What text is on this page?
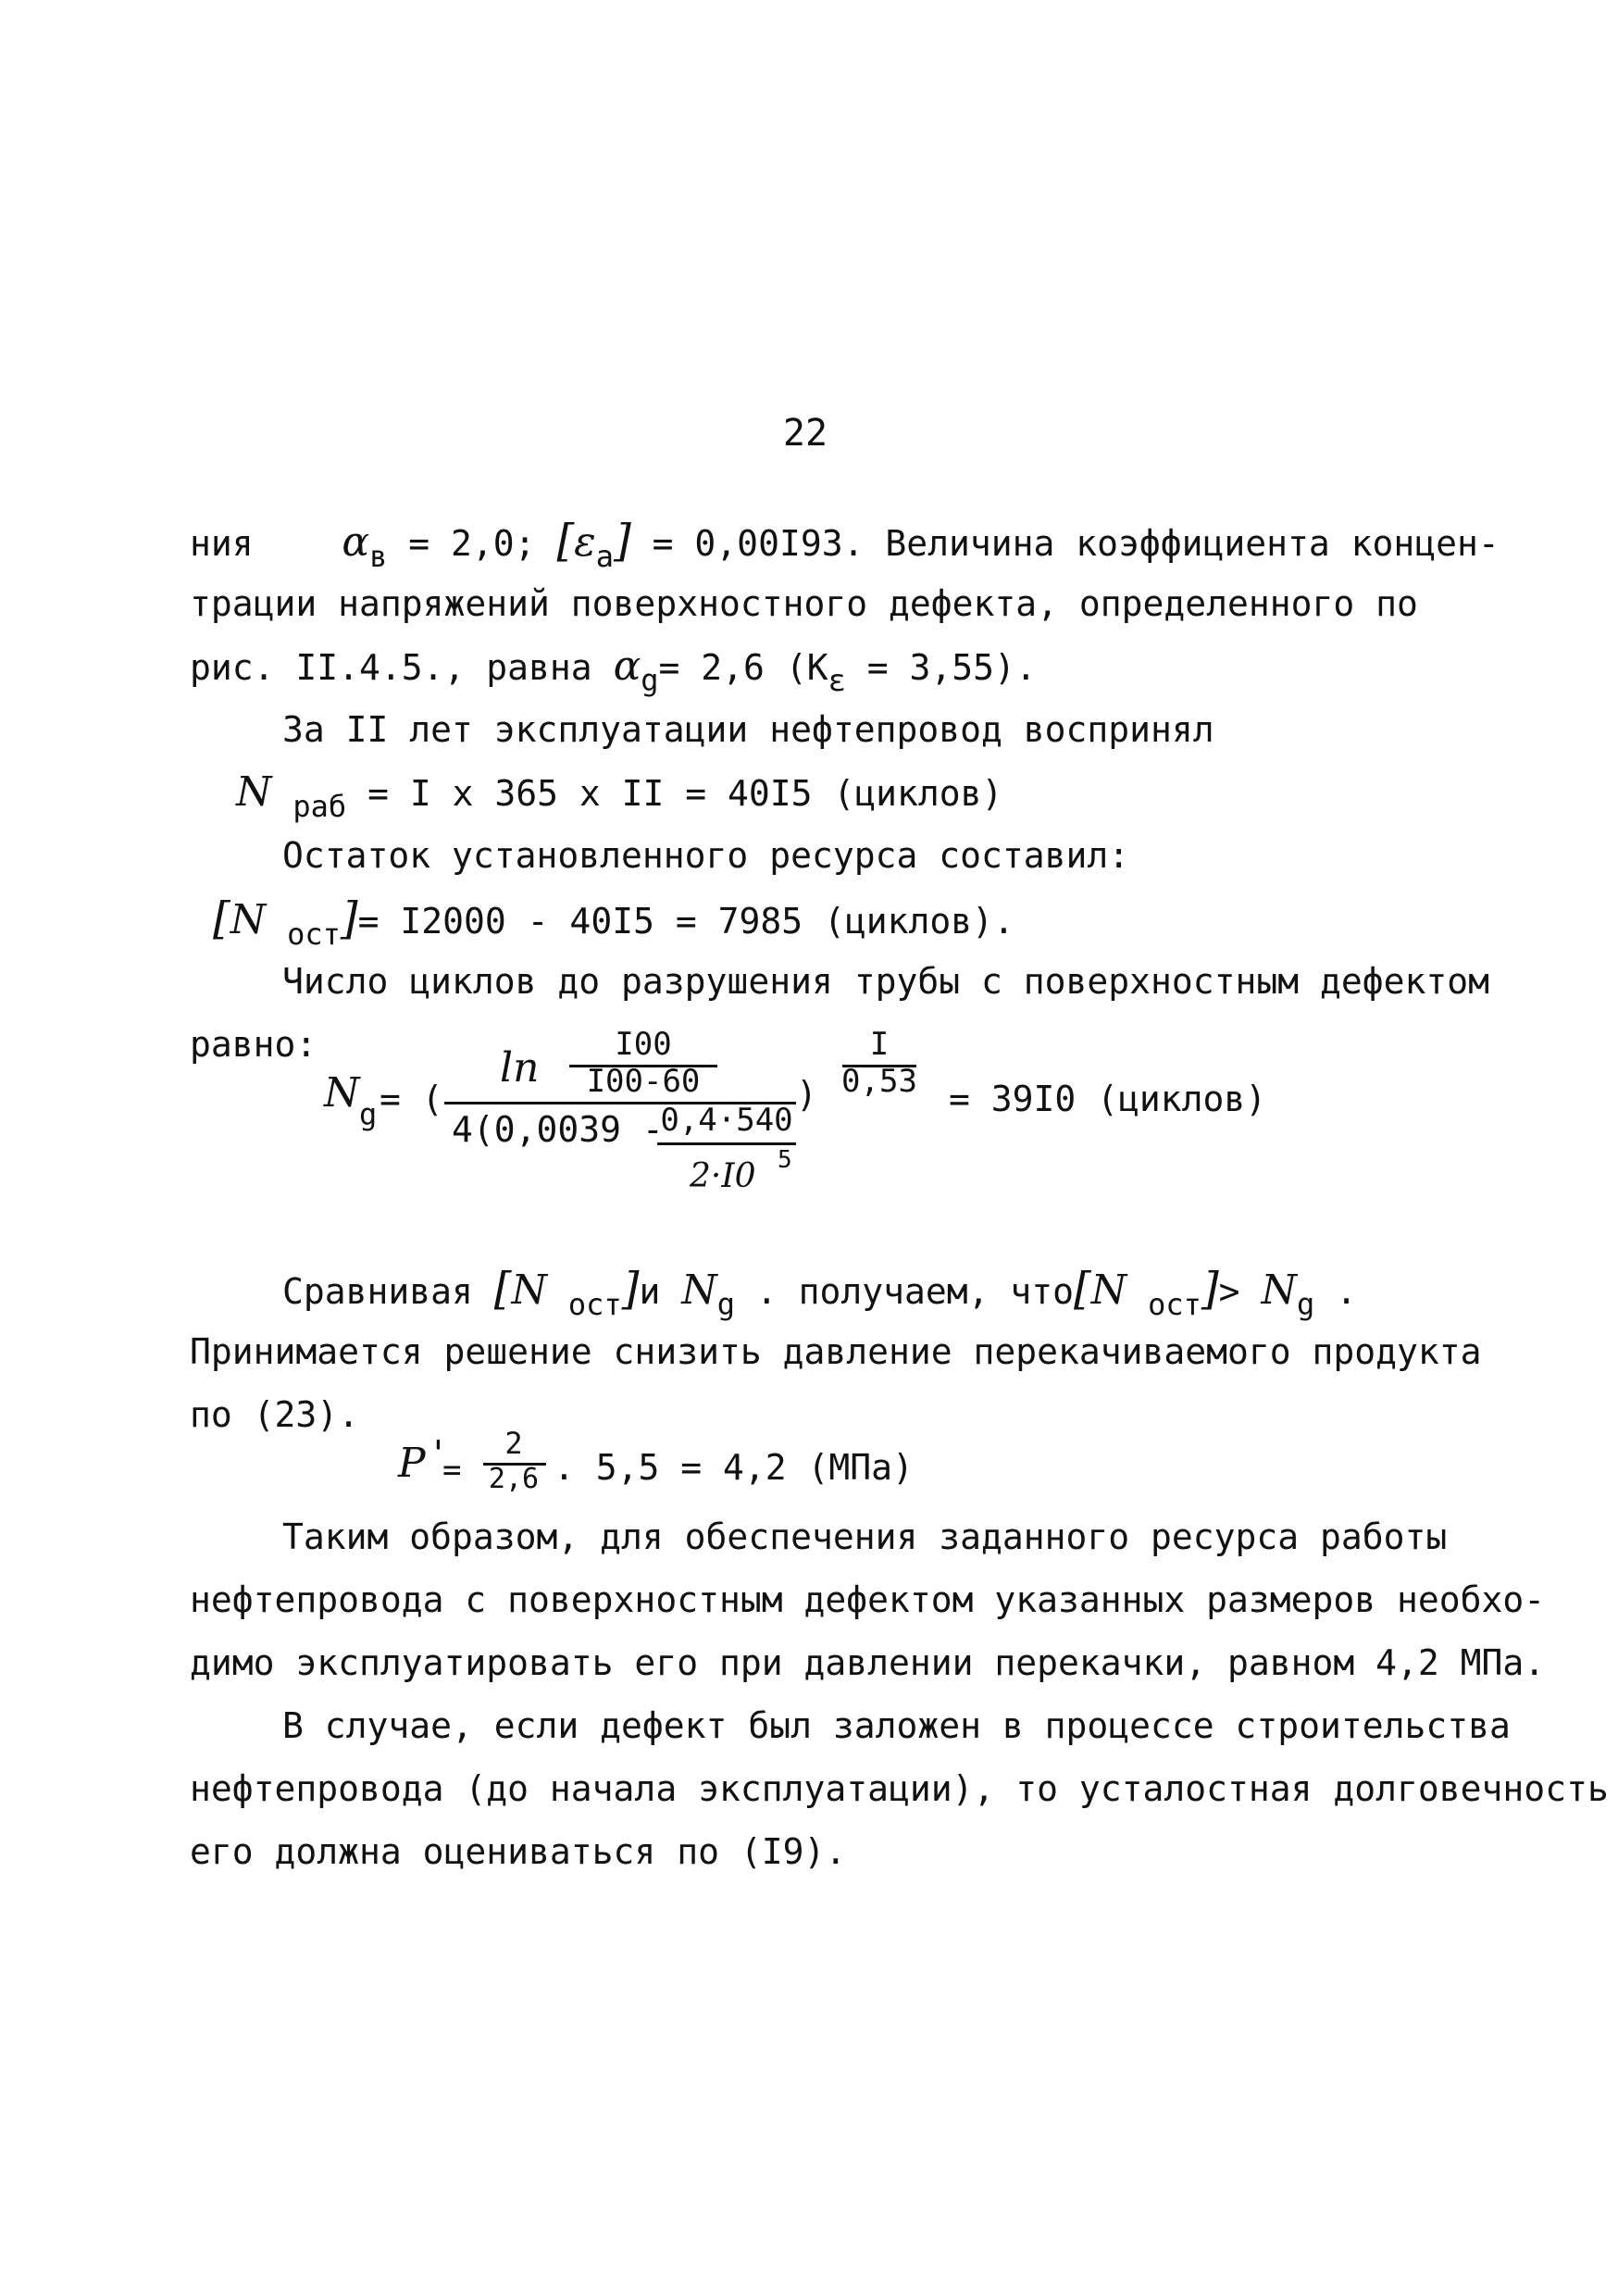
22
ния $\alpha_в = 2,0$; $[\varepsilon_a] = 0,00I93$. Величина коэффициента концен-
трации напряжений поверхностного дефекта, определенного по
рис. II.4.5., равна $\alpha_g= 2,6$ $(K_\varepsilon = 3,55)$.
За II лет эксплуатации нефтепровод воспринял
N $_{раб}$ = I x 365 x II = 40I5 (циклов)
Остаток установленного ресурса составил:
[N $_{ост}$]= I2000 - 40I5 = 7985 (циклов).
Число циклов до разрушения трубы с поверхностным дефектом
равно:
N g = (
ln	I00
I00-60	)
I
0,53 = 39I0 (циклов)
4(0,0039 -
0,4·540
2·I0 5
Сравнивая [N $_{ост}$]и $N_g$ . получаем, что[N $_{ост}]> N_g$ .
Принимается решение снизить давление перекачиваемого продукта
по (23).
P '
=
2
2,6 . 5,5 = 4,2 (МПа)
Таким образом, для обеспечения заданного ресурса работы
нефтепровода с поверхностным дефектом указанных размеров необхо-
димо эксплуатировать его при давлении перекачки, равном 4,2 МПа.
В случае, если дефект был заложен в процессе строительства
нефтепровода (до начала эксплуатации), то усталостная долговечность
его должна оцениваться по (I9).
